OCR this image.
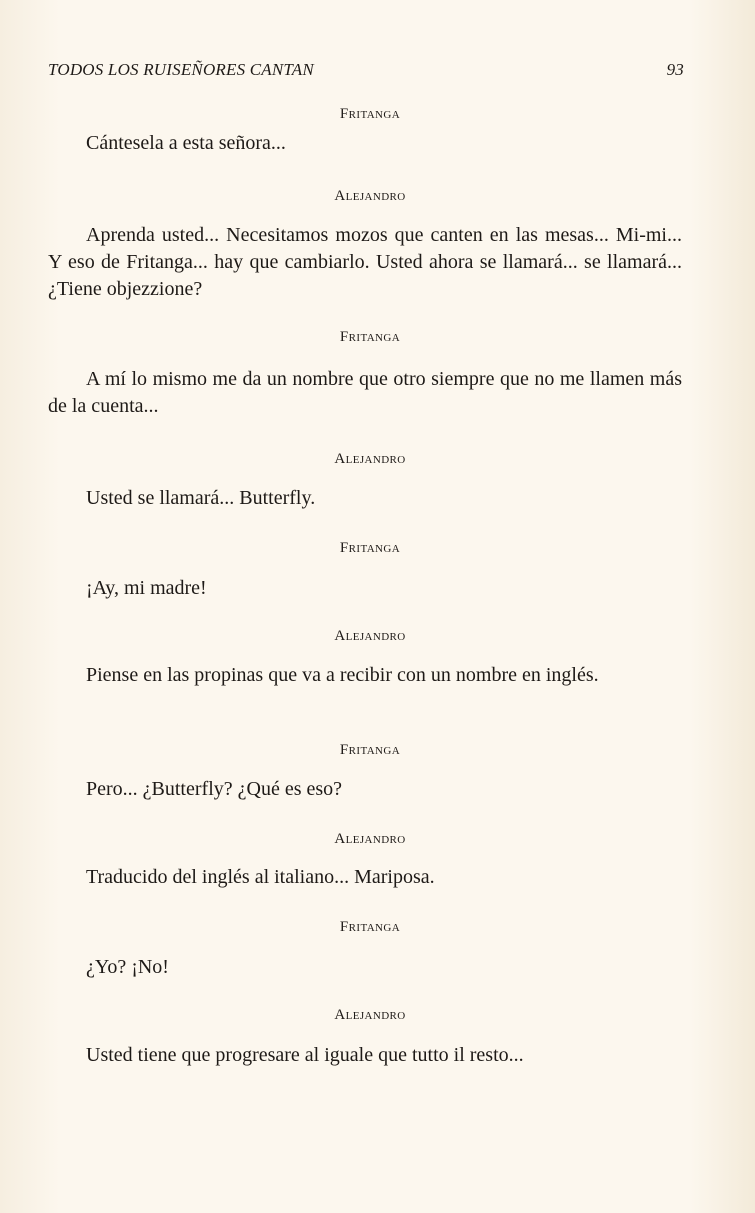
TODOS LOS RUISEÑORES CANTAN	93
Fritanga

Cántesela a esta señora...

Alejandro

Aprenda usted... Necesitamos mozos que canten en las mesas... Mi-mi... Y eso de Fritanga... hay que cambiarlo. Usted ahora se llamará... se llamará... ¿Tiene objezzione?

Fritanga

A mí lo mismo me da un nombre que otro siempre que no me llamen más de la cuenta...

Alejandro

Usted se llamará... Butterfly.

Fritanga

¡Ay, mi madre!

Alejandro

Piense en las propinas que va a recibir con un nombre en inglés.

Fritanga

Pero... ¿Butterfly? ¿Qué es eso?

Alejandro

Traducido del inglés al italiano... Mariposa.

Fritanga

¿Yo? ¡No!

Alejandro

Usted tiene que progresare al iguale que tutto il resto...
